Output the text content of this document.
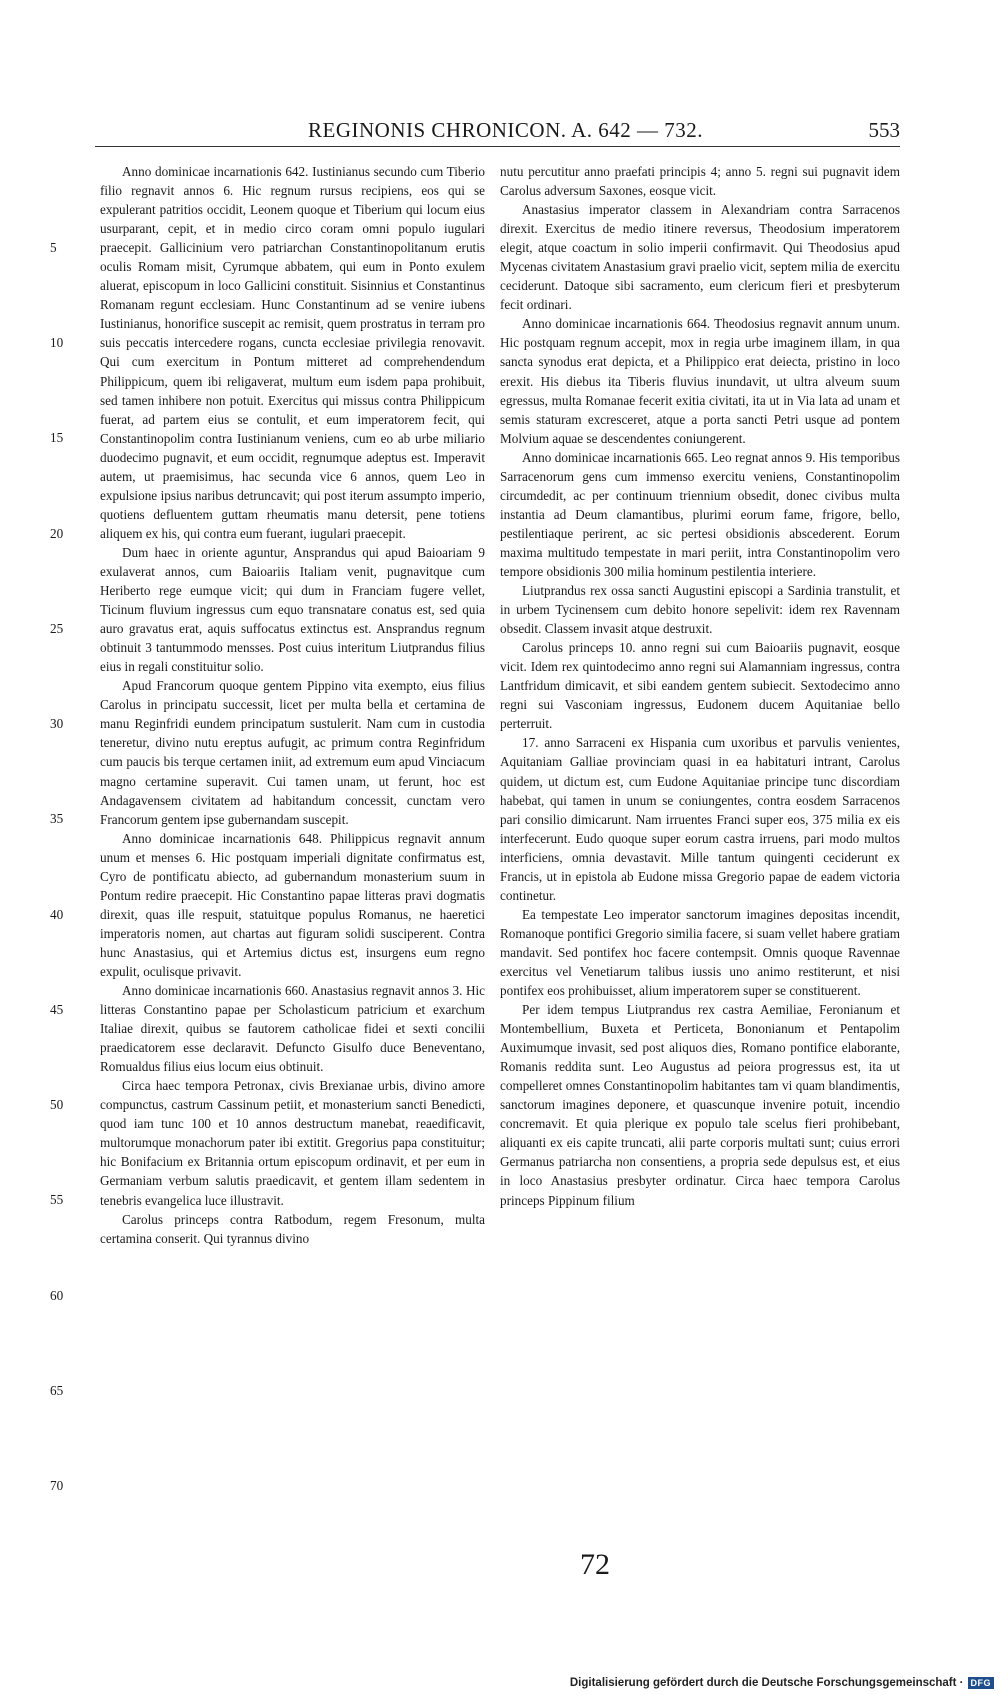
REGINONIS CHRONICON. A. 642 — 732.	553
5
10
15
20
25
30
35
40
45
50
55
60
65
70

Anno dominicae incarnationis 642. Iustinianus secundo cum Tiberio filio regnavit annos 6. Hic regnum rursus recipiens, eos qui se expulerant patritios occidit, Leonem quoque et Tiberium qui locum eius usurparant, cepit, et in medio circo coram omni populo iugulari praecepit. Gallicinium vero patriarchan Constantinopolitanum erutis oculis Romam misit, Cyrumque abbatem, qui eum in Ponto exulem aluerat, episcopum in loco Gallicini constituit. Sisinnius et Constantinus Romanam regunt ecclesiam. Hunc Constantinum ad se venire iubens Iustinianus, honorifice suscepit ac remisit, quem prostratus in terram pro suis peccatis intercedere rogans, cuncta ecclesiae privilegia renovavit. Qui cum exercitum in Pontum mitteret ad comprehendendum Philippicum, quem ibi religaverat, multum eum isdem papa prohibuit, sed tamen inhibere non potuit. Exercitus qui missus contra Philippicum fuerat, ad partem eius se contulit, et eum imperatorem fecit, qui Constantinopolim contra Iustinianum veniens, cum eo ab urbe miliario duodecimo pugnavit, et eum occidit, regnumque adeptus est. Imperavit autem, ut praemisimus, hac secunda vice 6 annos, quem Leo in expulsione ipsius naribus detruncavit; qui post iterum assumpto imperio, quotiens defluentem guttam rheumatis manu detersit, pene totiens aliquem ex his, qui contra eum fuerant, iugulari praecepit.

Dum haec in oriente aguntur, Ansprandus qui apud Baioariam 9 exulaverat annos, cum Baioariis Italiam venit, pugnavitque cum Heriberto rege eumque vicit; qui dum in Franciam fugere vellet, Ticinum fluvium ingressus cum equo transnatare conatus est, sed quia auro gravatus erat, aquis suffocatus extinctus est. Ansprandus regnum obtinuit 3 tantummodo mensses. Post cuius interitum Liutprandus filius eius in regali constituitur solio.

Apud Francorum quoque gentem Pippino vita exempto, eius filius Carolus in principatu successit, licet per multa bella et certamina de manu Reginfridi eundem principatum sustulerit. Nam cum in custodia teneretur, divino nutu ereptus aufugit, ac primum contra Reginfridum cum paucis bis terque certamen iniit, ad extremum eum apud Vinciacum magno certamine superavit. Cui tamen unam, ut ferunt, hoc est Andagavensem civitatem ad habitandum concessit, cunctam vero Francorum gentem ipse gubernandam suscepit.

Anno dominicae incarnationis 648. Philippicus regnavit annum unum et menses 6. Hic postquam imperiali dignitate confirmatus est, Cyro de pontificatu abiecto, ad gubernandum monasterium suum in Pontum redire praecepit. Hic Constantino papae litteras pravi dogmatis direxit, quas ille respuit, statuitque populus Romanus, ne haeretici imperatoris nomen, aut chartas aut figuram solidi susciperent. Contra hunc Anastasius, qui et Artemius dictus est, insurgens eum regno expulit, oculisque privavit.

Anno dominicae incarnationis 660. Anastasius regnavit annos 3. Hic litteras Constantino papae per Scholasticum patricium et exarchum Italiae direxit, quibus se fautorem catholicae fidei et sexti concilii praedicatorem esse declaravit. Defuncto Gisulfo duce Beneventano, Romualdus filius eius locum eius obtinuit.

Circa haec tempora Petronax, civis Brexianae urbis, divino amore compunctus, castrum Cassinum petiit, et monasterium sancti Benedicti, quod iam tunc 100 et 10 annos destructum manebat, reaedificavit, multorumque monachorum pater ibi extitit. Gregorius papa constituitur; hic Bonifacium ex Britannia ortum episcopum ordinavit, et per eum in Germaniam verbum salutis praedicavit, et gentem illam sedentem in tenebris evangelica luce illustravit.

Carolus princeps contra Ratbodum, regem Fresonum, multa certamina conserit. Qui tyrannus divino

nutu percutitur anno praefati principis 4; anno 5. regni sui pugnavit idem Carolus adversum Saxones, eosque vicit.

Anastasius imperator classem in Alexandriam contra Sarracenos direxit. Exercitus de medio itinere reversus, Theodosium imperatorem elegit, atque coactum in solio imperii confirmavit. Qui Theodosius apud Mycenas civitatem Anastasium gravi praelio vicit, septem milia de exercitu ceciderunt. Datoque sibi sacramento, eum clericum fieri et presbyterum fecit ordinari.

Anno dominicae incarnationis 664. Theodosius regnavit annum unum. Hic postquam regnum accepit, mox in regia urbe imaginem illam, in qua sancta synodus erat depicta, et a Philippico erat deiecta, pristino in loco erexit. His diebus ita Tiberis fluvius inundavit, ut ultra alveum suum egressus, multa Romanae fecerit exitia civitati, ita ut in Via lata ad unam et semis staturam excresceret, atque a porta sancti Petri usque ad pontem Molvium aquae se descendentes coniungerent.

Anno dominicae incarnationis 665. Leo regnat annos 9. His temporibus Sarracenorum gens cum immenso exercitu veniens, Constantinopolim circumdedit, ac per continuum triennium obsedit, donec civibus multa instantia ad Deum clamantibus, plurimi eorum fame, frigore, bello, pestilentiaque perirent, ac sic pertesi obsidionis abscederent. Eorum maxima multitudo tempestate in mari periit, intra Constantinopolim vero tempore obsidionis 300 milia hominum pestilentia interiere.

Liutprandus rex ossa sancti Augustini episcopi a Sardinia transtulit, et in urbem Tycinensem cum debito honore sepelivit: idem rex Ravennam obsedit. Classem invasit atque destruxit.

Carolus princeps 10. anno regni sui cum Baioariis pugnavit, eosque vicit. Idem rex quintodecimo anno regni sui Alamanniam ingressus, contra Lantfridum dimicavit, et sibi eandem gentem subiecit. Sextodecimo anno regni sui Vasconiam ingressus, Eudonem ducem Aquitaniae bello perterruit.

17. anno Sarraceni ex Hispania cum uxoribus et parvulis venientes, Aquitaniam Galliae provinciam quasi in ea habitaturi intrant, Carolus quidem, ut dictum est, cum Eudone Aquitaniae principe tunc discordiam habebat, qui tamen in unum se coniungentes, contra eosdem Sarracenos pari consilio dimicarunt. Nam irruentes Franci super eos, 375 milia ex eis interfecerunt. Eudo quoque super eorum castra irruens, pari modo multos interficiens, omnia devastavit. Mille tantum quingenti ceciderunt ex Francis, ut in epistola ab Eudone missa Gregorio papae de eadem victoria continetur.

Ea tempestate Leo imperator sanctorum imagines depositas incendit, Romanoque pontifici Gregorio similia facere, si suam vellet habere gratiam mandavit. Sed pontifex hoc facere contempsit. Omnis quoque Ravennae exercitus vel Venetiarum talibus iussis uno animo restiterunt, et nisi pontifex eos prohibuisset, alium imperatorem super se constituerent.

Per idem tempus Liutprandus rex castra Aemiliae, Feronianum et Montembellium, Buxeta et Perticeta, Bononianum et Pentapolim Auximumque invasit, sed post aliquos dies, Romano pontifice elaborante, Romanis reddita sunt. Leo Augustus ad peiora progressus est, ita ut compelleret omnes Constantinopolim habitantes tam vi quam blandimentis, sanctorum imagines deponere, et quascunque invenire potuit, incendio concremavit. Et quia plerique ex populo tale scelus fieri prohibebant, aliquanti ex eis capite truncati, alii parte corporis multati sunt; cuius errori Germanus patriarcha non consentiens, a propria sede depulsus est, et eius in loco Anastasius presbyter ordinatur. Circa haec tempora Carolus princeps Pippinum filium

72
Digitalisierung gefördert durch die Deutsche Forschungsgemeinschaft · DFG
